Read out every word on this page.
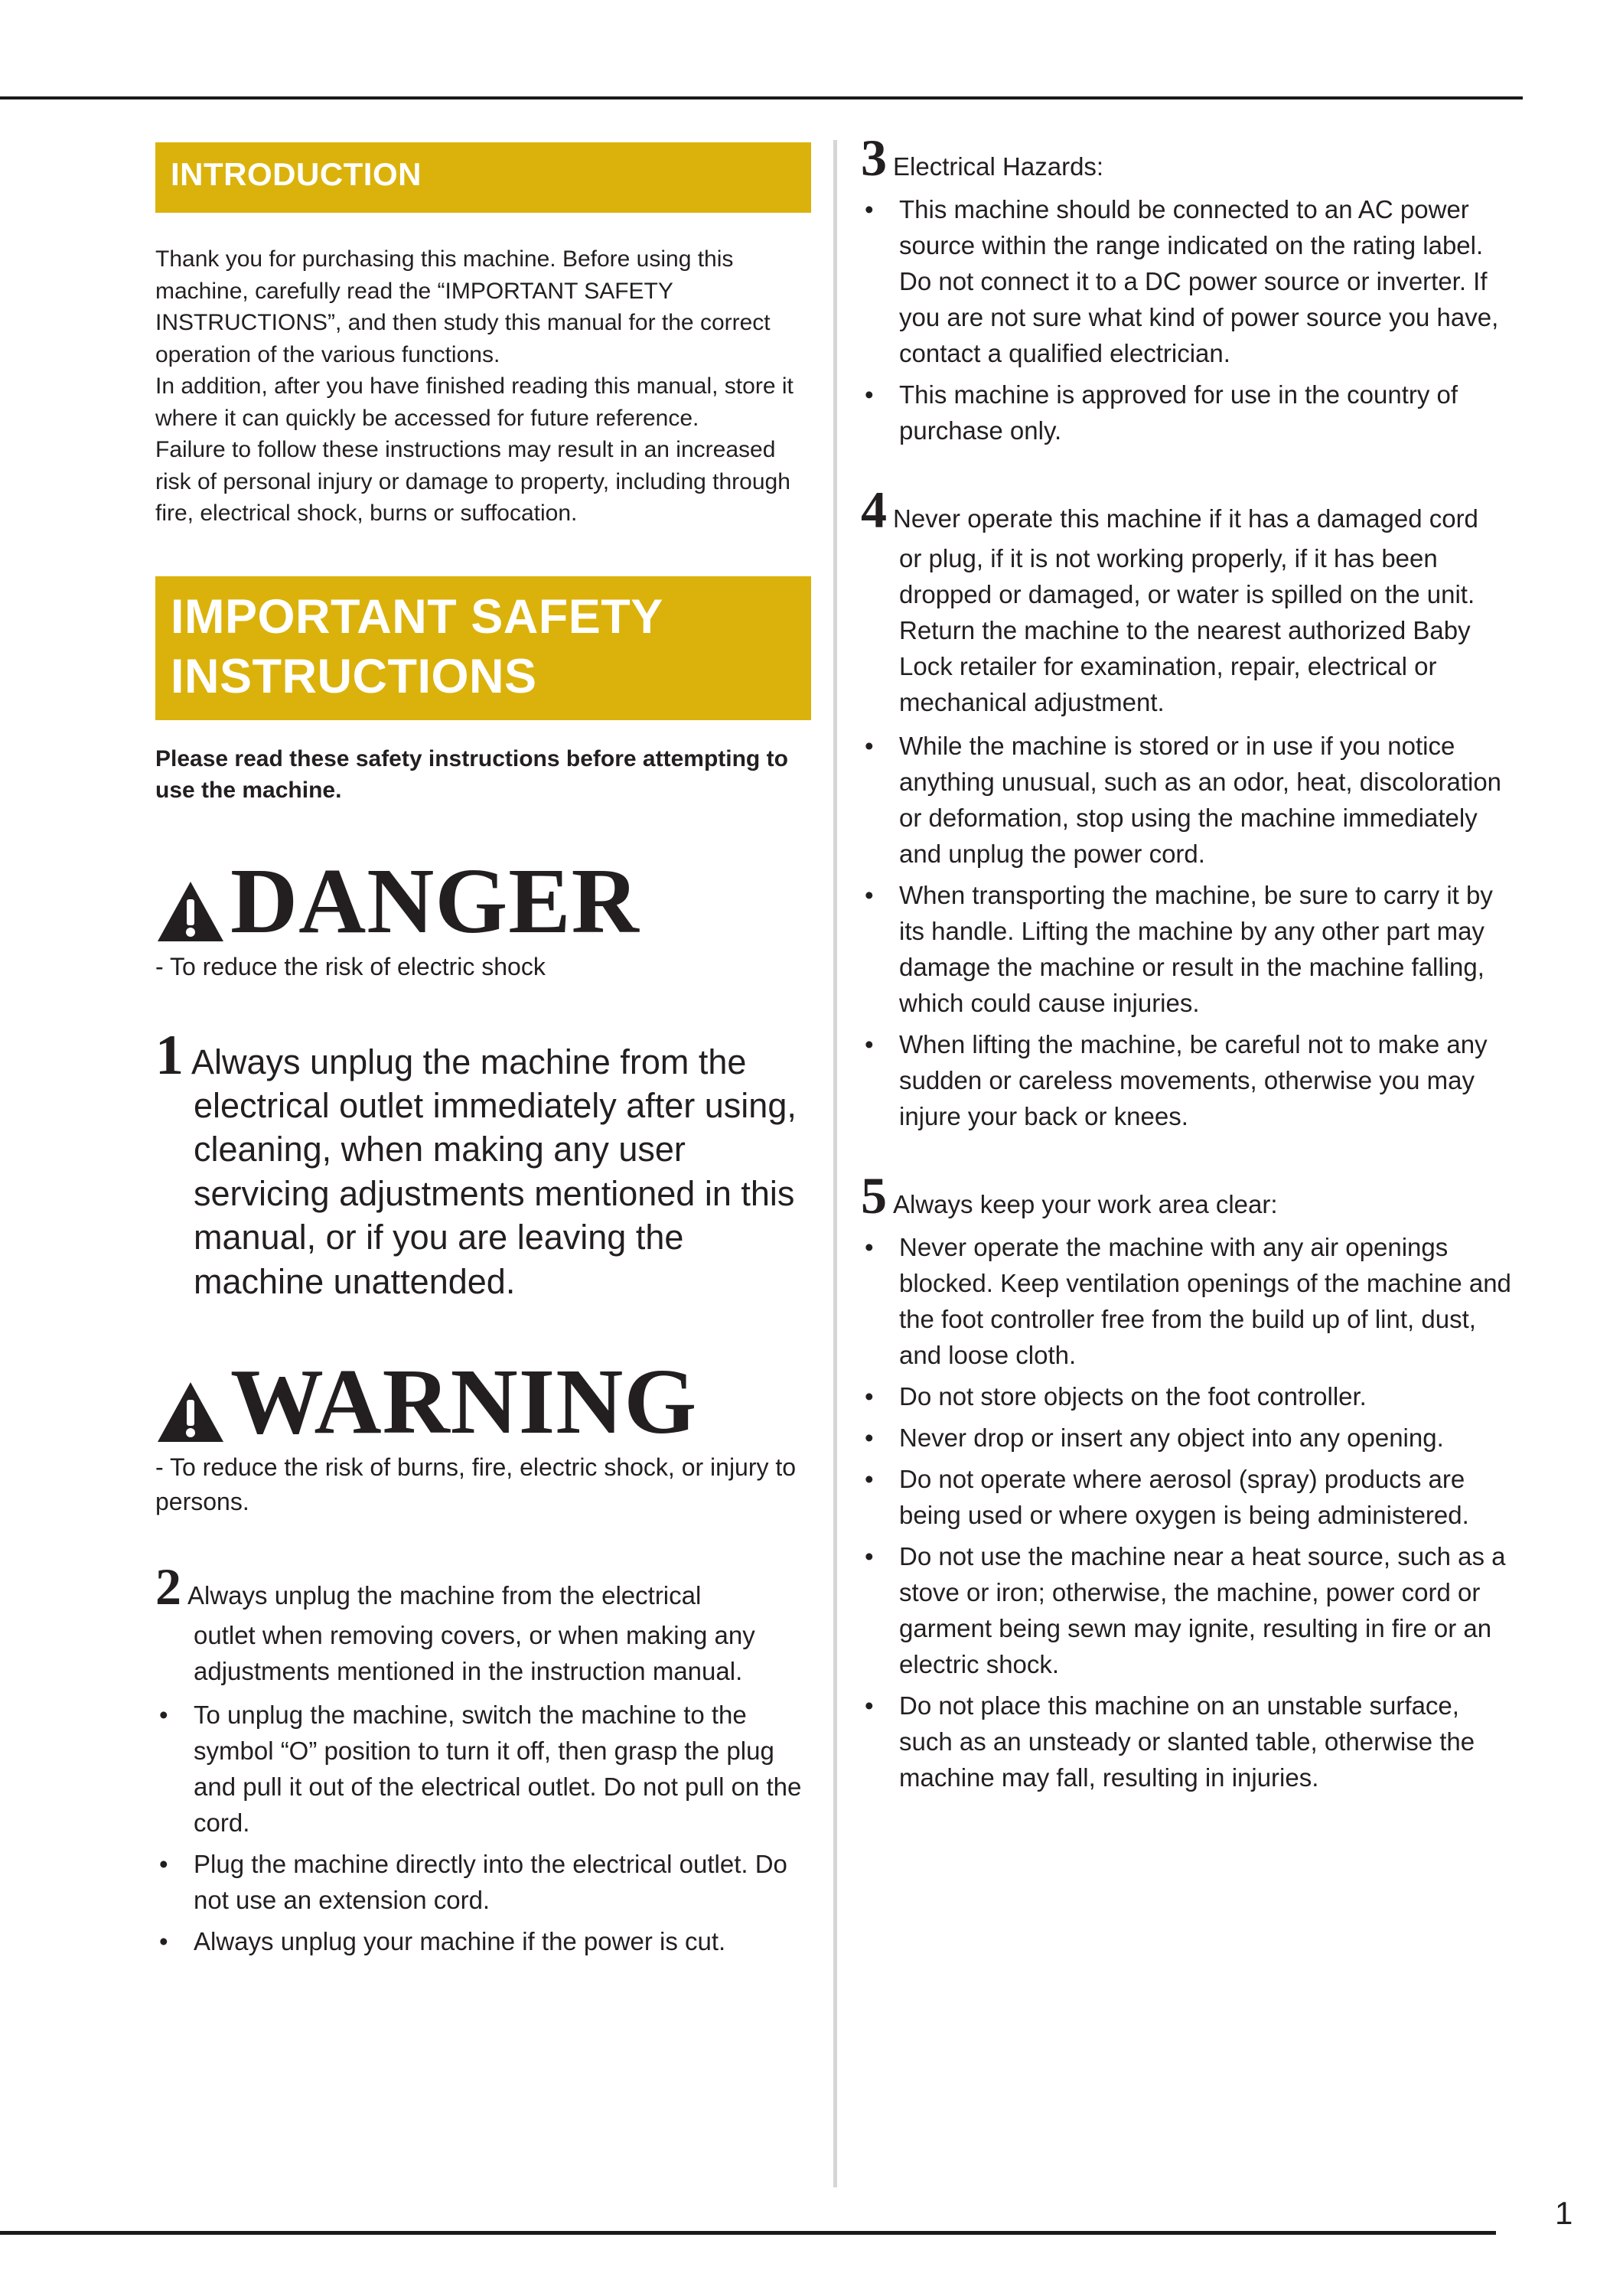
INTRODUCTION

Thank you for purchasing this machine. Before using this machine, carefully read the “IMPORTANT SAFETY INSTRUCTIONS”, and then study this manual for the correct operation of the various functions.

In addition, after you have finished reading this manual, store it where it can quickly be accessed for future reference.

Failure to follow these instructions may result in an increased risk of personal injury or damage to property, including through fire, electrical shock, burns or suffocation.

IMPORTANT SAFETY
INSTRUCTIONS
Please read these safety instructions before attempting to use the machine.
DANGER
- To reduce the risk of electric shock
1 Always unplug the machine from the
electrical outlet immediately after using, cleaning, when making any user servicing adjustments mentioned in this manual, or if you are leaving the machine unattended.
WARNING
- To reduce the risk of burns, fire, electric shock, or injury to persons.
2 Always unplug the machine from the electrical
outlet when removing covers, or when making any adjustments mentioned in the instruction manual.
• To unplug the machine, switch the machine to the symbol “O” position to turn it off, then grasp the plug and pull it out of the electrical outlet. Do not pull on the cord.
• Plug the machine directly into the electrical outlet. Do not use an extension cord.
• Always unplug your machine if the power is cut.
3 Electrical Hazards:
• This machine should be connected to an AC power source within the range indicated on the rating label. Do not connect it to a DC power source or inverter. If you are not sure what kind of power source you have, contact a qualified electrician.
• This machine is approved for use in the country of purchase only.
4 Never operate this machine if it has a damaged cord
or plug, if it is not working properly, if it has been dropped or damaged, or water is spilled on the unit. Return the machine to the nearest authorized Baby Lock retailer for examination, repair, electrical or mechanical adjustment.
• While the machine is stored or in use if you notice anything unusual, such as an odor, heat, discoloration or deformation, stop using the machine immediately and unplug the power cord.
• When transporting the machine, be sure to carry it by its handle. Lifting the machine by any other part may damage the machine or result in the machine falling, which could cause injuries.
• When lifting the machine, be careful not to make any sudden or careless movements, otherwise you may injure your back or knees.
5 Always keep your work area clear:
• Never operate the machine with any air openings blocked. Keep ventilation openings of the machine and the foot controller free from the build up of lint, dust, and loose cloth.
• Do not store objects on the foot controller.
• Never drop or insert any object into any opening.
• Do not operate where aerosol (spray) products are being used or where oxygen is being administered.
• Do not use the machine near a heat source, such as a stove or iron; otherwise, the machine, power cord or garment being sewn may ignite, resulting in fire or an electric shock.
• Do not place this machine on an unstable surface, such as an unsteady or slanted table, otherwise the machine may fall, resulting in injuries.
1
